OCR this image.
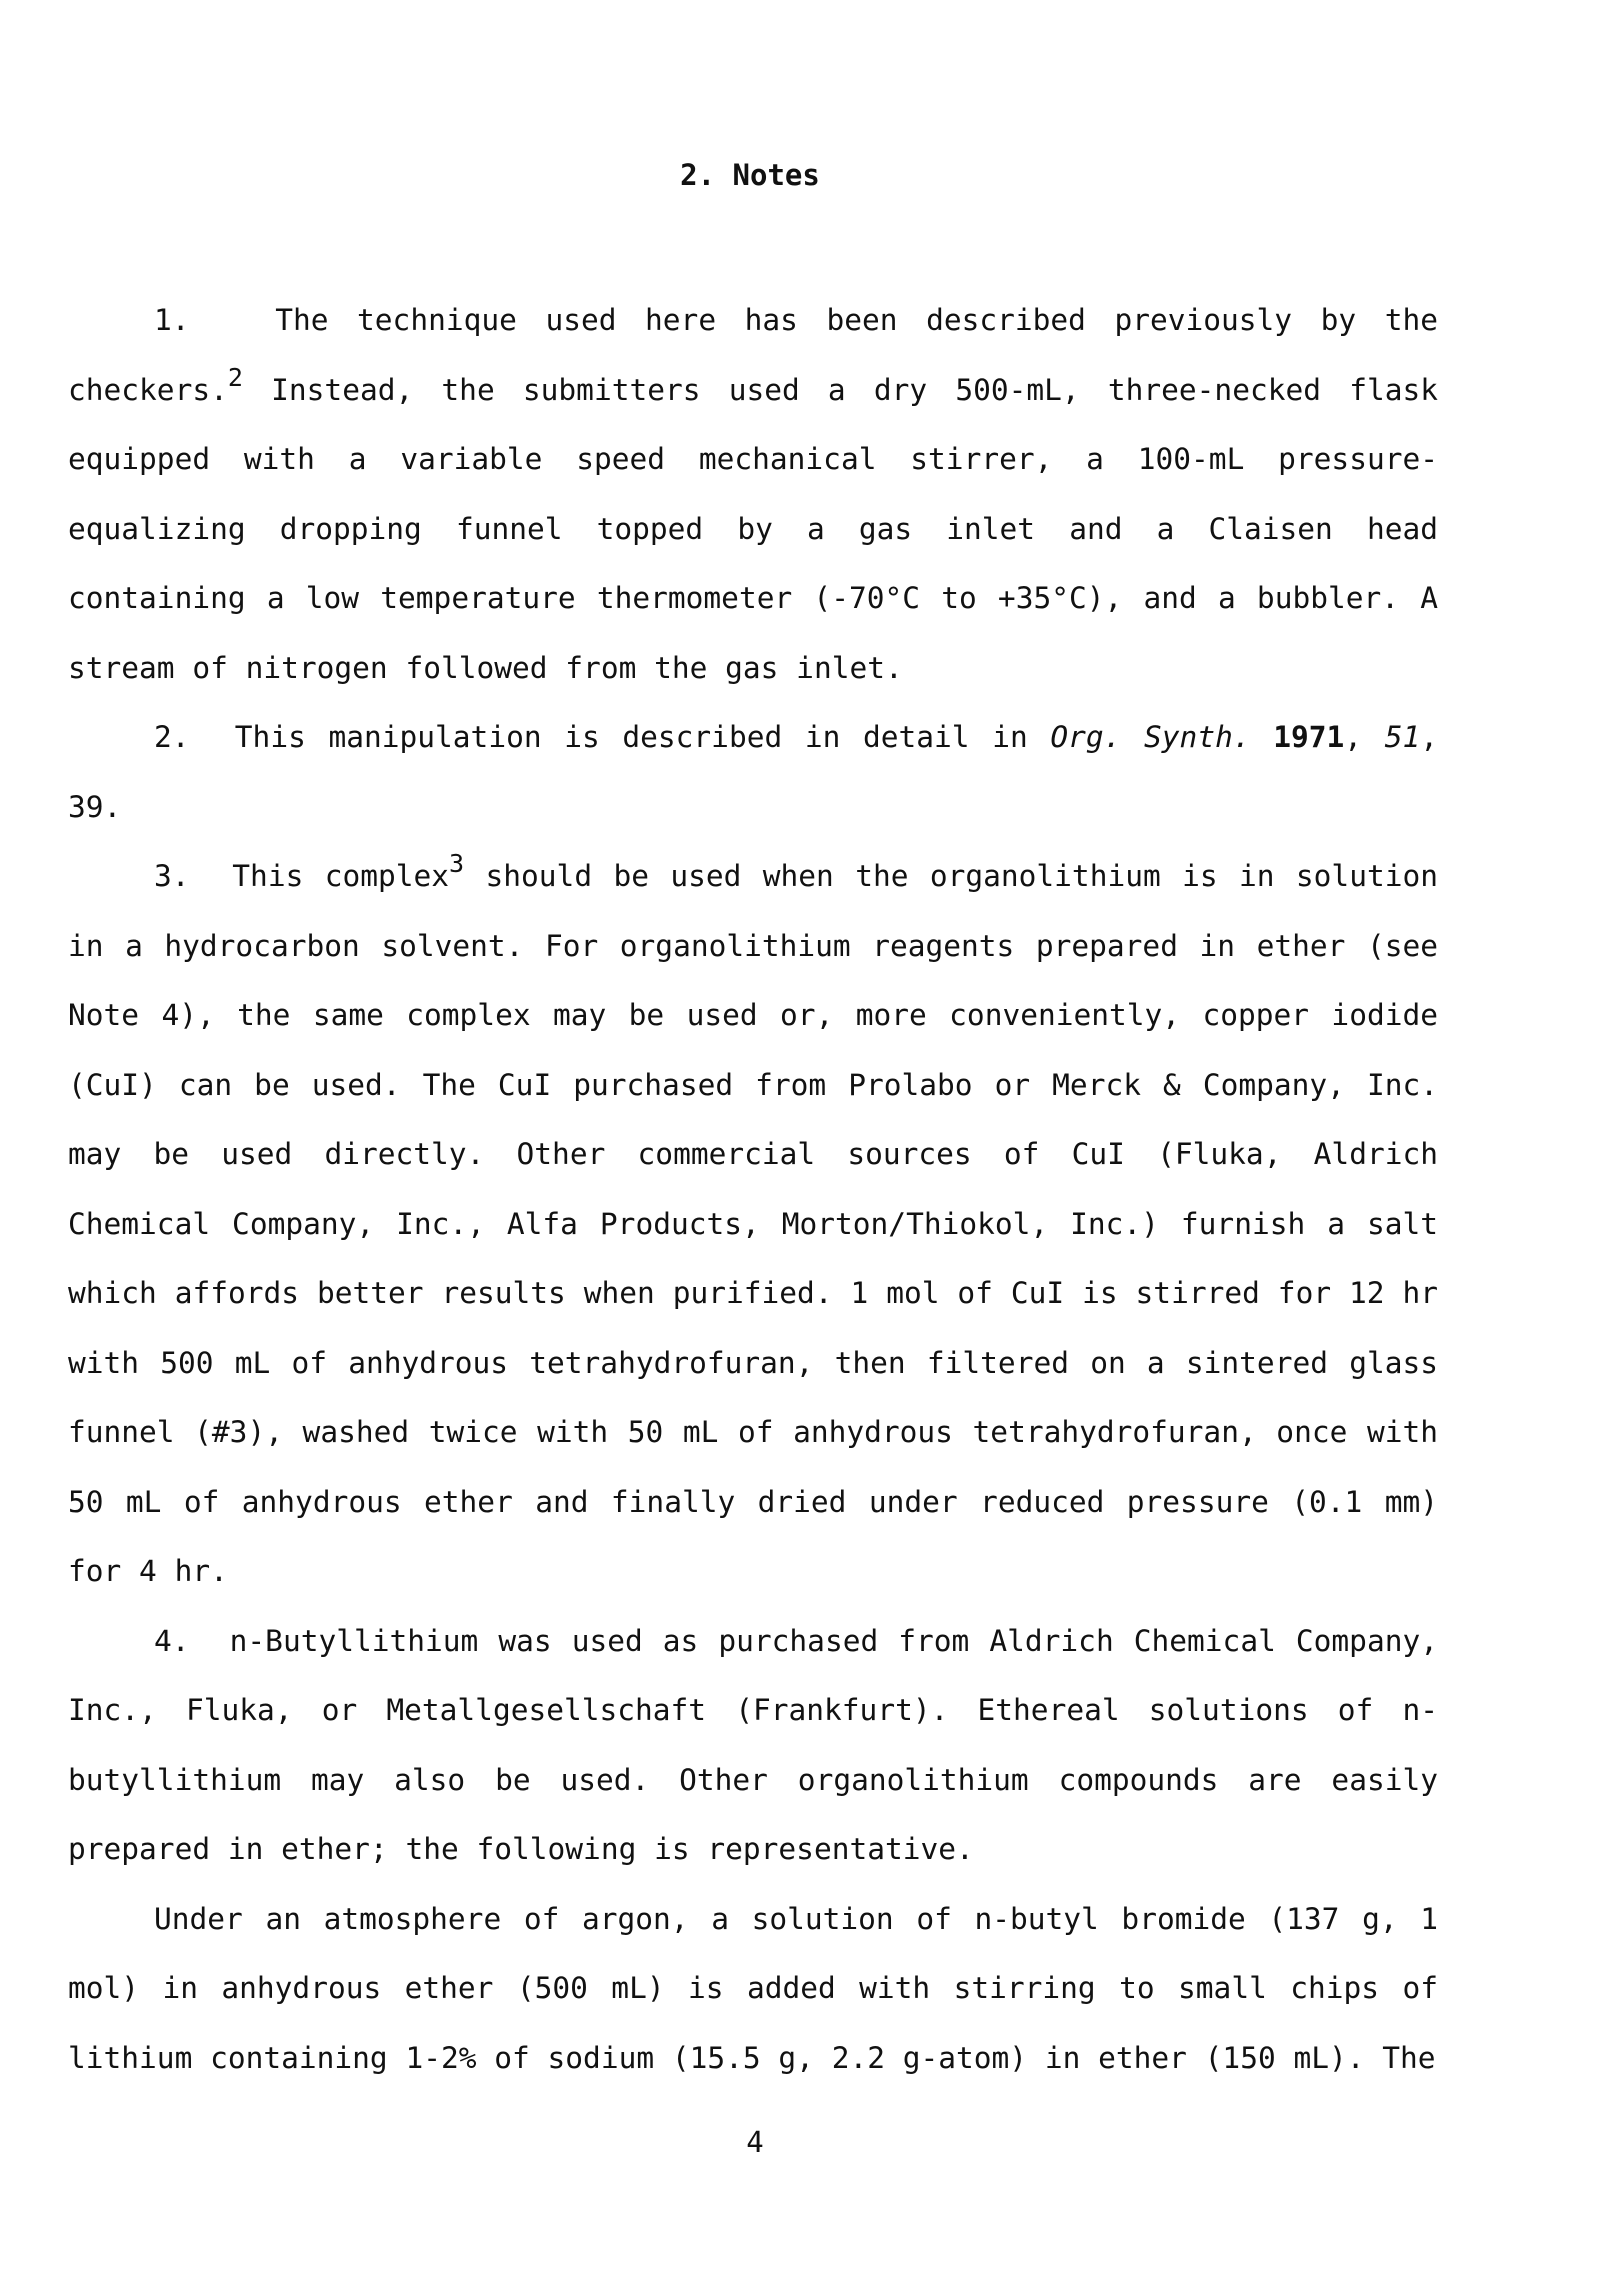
2. Notes

1.	The technique used here has been described previously by the checkers.$^2$ Instead, the submitters used a dry 500-mL, three-necked flask equipped with a variable speed mechanical stirrer, a 100-mL pressure-equalizing dropping funnel topped by a gas inlet and a Claisen head containing a low temperature thermometer (-70°C to +35°C), and a bubbler. A stream of nitrogen followed from the gas inlet.

2. This manipulation is described in detail in Org. Synth. 1971, 51, 39.

3. This complex$^3$ should be used when the organolithium is in solution in a hydrocarbon solvent. For organolithium reagents prepared in ether (see Note 4), the same complex may be used or, more conveniently, copper iodide (CuI) can be used. The CuI purchased from Prolabo or Merck & Company, Inc. may be used directly. Other commercial sources of CuI (Fluka, Aldrich Chemical Company, Inc., Alfa Products, Morton/Thiokol, Inc.) furnish a salt which affords better results when purified. 1 mol of CuI is stirred for 12 hr with 500 mL of anhydrous tetrahydrofuran, then filtered on a sintered glass funnel (#3), washed twice with 50 mL of anhydrous tetrahydrofuran, once with 50 mL of anhydrous ether and finally dried under reduced pressure (0.1 mm) for 4 hr.

4. n-Butyllithium was used as purchased from Aldrich Chemical Company, Inc., Fluka, or Metallgesellschaft (Frankfurt). Ethereal solutions of n-butyllithium may also be used. Other organolithium compounds are easily prepared in ether; the following is representative.

Under an atmosphere of argon, a solution of n-butyl bromide (137 g, 1 mol) in anhydrous ether (500 mL) is added with stirring to small chips of lithium containing 1-2% of sodium (15.5 g, 2.2 g-atom) in ether (150 mL). The

4
